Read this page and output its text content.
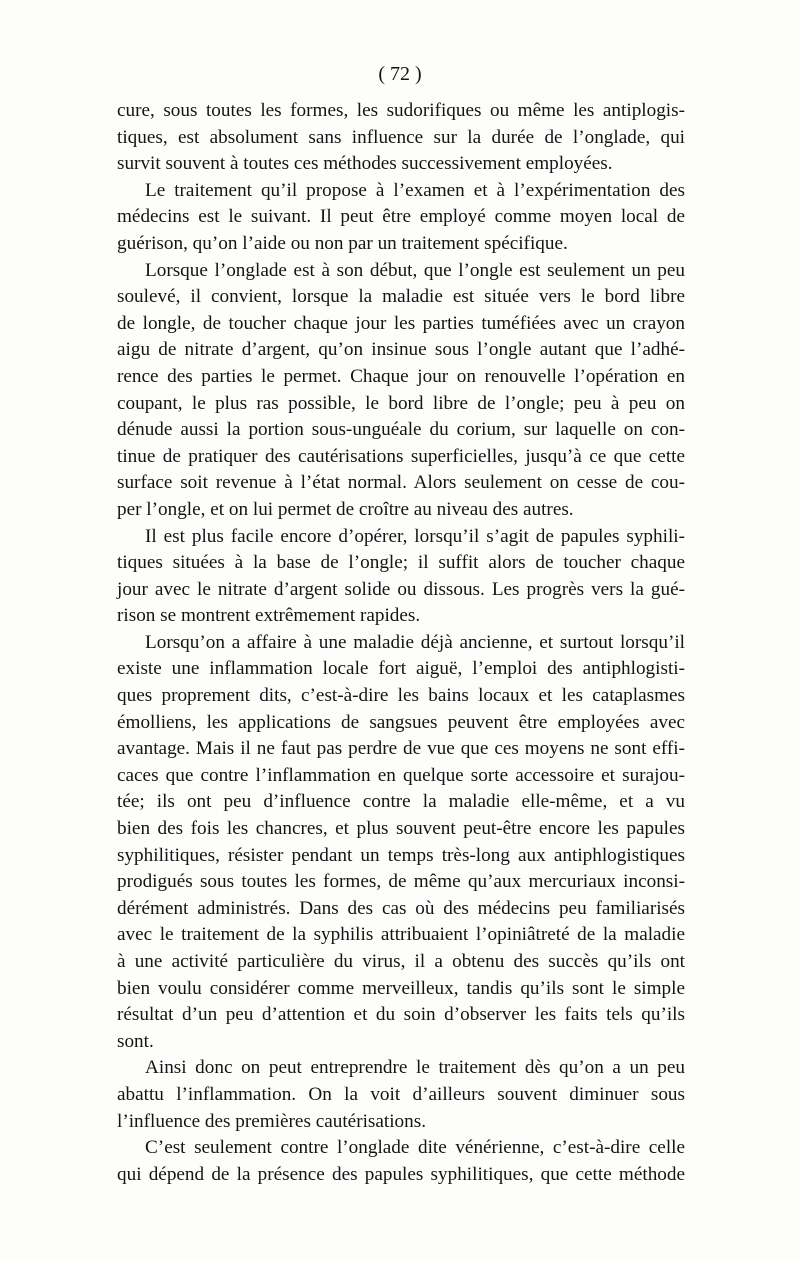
( 72 )
cure, sous toutes les formes, les sudorifiques ou même les antiplogis-
tiques, est absolument sans influence sur la durée de l’onglade, qui
survit souvent à toutes ces méthodes successivement employées.
Le traitement qu’il propose à l’examen et à l’expérimentation des
médecins est le suivant. Il peut être employé comme moyen local de
guérison, qu’on l’aide ou non par un traitement spécifique.
Lorsque l’onglade est à son début, que l’ongle est seulement un peu
soulevé, il convient, lorsque la maladie est située vers le bord libre
de longle, de toucher chaque jour les parties tuméfiées avec un crayon
aigu de nitrate d’argent, qu’on insinue sous l’ongle autant que l’adhé-
rence des parties le permet. Chaque jour on renouvelle l’opération en
coupant, le plus ras possible, le bord libre de l’ongle; peu à peu on
dénude aussi la portion sous-unguéale du corium, sur laquelle on con-
tinue de pratiquer des cautérisations superficielles, jusqu’à ce que cette
surface soit revenue à l’état normal. Alors seulement on cesse de cou-
per l’ongle, et on lui permet de croître au niveau des autres.
Il est plus facile encore d’opérer, lorsqu’il s’agit de papules syphili-
tiques situées à la base de l’ongle; il suffit alors de toucher chaque
jour avec le nitrate d’argent solide ou dissous. Les progrès vers la gué-
rison se montrent extrêmement rapides.
Lorsqu’on a affaire à une maladie déjà ancienne, et surtout lorsqu’il
existe une inflammation locale fort aiguë, l’emploi des antiphlogisti-
ques proprement dits, c’est-à-dire les bains locaux et les cataplasmes
émolliens, les applications de sangsues peuvent être employées avec
avantage. Mais il ne faut pas perdre de vue que ces moyens ne sont effi-
caces que contre l’inflammation en quelque sorte accessoire et surajou-
tée; ils ont peu d’influence contre la maladie elle-même, et a vu
bien des fois les chancres, et plus souvent peut-être encore les papules
syphilitiques, résister pendant un temps très-long aux antiphlogistiques
prodigués sous toutes les formes, de même qu’aux mercuriaux inconsi-
dérément administrés. Dans des cas où des médecins peu familiarisés
avec le traitement de la syphilis attribuaient l’opiniâtreté de la maladie
à une activité particulière du virus, il a obtenu des succès qu’ils ont
bien voulu considérer comme merveilleux, tandis qu’ils sont le simple
résultat d’un peu d’attention et du soin d’observer les faits tels qu’ils
sont.
Ainsi donc on peut entreprendre le traitement dès qu’on a un peu
abattu l’inflammation. On la voit d’ailleurs souvent diminuer sous
l’influence des premières cautérisations.
C’est seulement contre l’onglade dite vénérienne, c’est-à-dire celle
qui dépend de la présence des papules syphilitiques, que cette méthode
